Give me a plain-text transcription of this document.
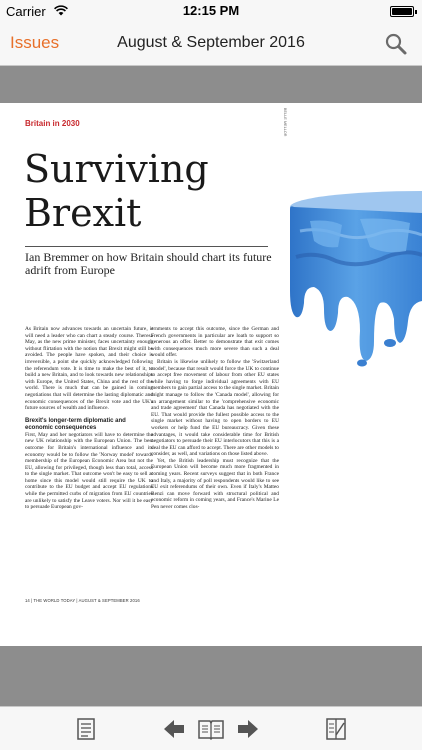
Carrier	12:15 PM
Issues	August & September 2016
Britain in 2030
Surviving
Brexit
Ian Bremmer on how Britain should chart its future adrift from Europe
BELLE MELLOR

As Britain now advances towards an uncertain future, it will need a leader who can chart a steady course. Theresa May, as the new prime minister, faces uncertainty enough without flirtation with the notion that Brexit might still be avoided. The people have spoken, and their choice is irreversible, a point she quickly acknowledged following the referendum vote. It is time to make the best of it, to build a new Britain, and to look towards new relationships with Europe, the United States, China and the rest of the world. There is much that can be gained in coming negotiations that will determine the lasting diplomatic and economic consequences of the Brexit vote and the UK's future sources of wealth and influence.

Brexit's longer-term diplomatic and economic consequences

First, May and her negotiators will have to determine the new UK relationship with the European Union. The best outcome for Britain's international influence and its economy would be to follow the 'Norway model' towards membership of the European Economic Area but not the EU, allowing for privileged, though less than total, access to the single market. That outcome won't be easy to sell at home since this model would still require the UK to contribute to the EU budget and accept EU regulations while the permitted curbs of migration from EU countries are unlikely to satisfy the Leave voters. Nor will it be easy to persuade European gov-

ernments to accept this outcome, since the German and French governments in particular are loath to support so generous an offer. Better to demonstrate that exit comes with consequences much more severe than such a deal would offer.

Britain is likewise unlikely to follow the 'Switzerland model', because that result would force the UK to continue to accept free movement of labour from other EU states while having to forge individual agreements with EU members to gain partial access to the single market. Britain might manage to follow the 'Canada model', allowing for an arrangement similar to the 'comprehensive economic and trade agreement' that Canada has negotiated with the EU. That would provide the fullest possible access to the single market without having to open borders to EU workers or help fund the EU bureaucracy. Given these advantages, it would take considerable time for British negotiators to persuade their EU interlocutors that this is a deal the EU can afford to accept. There are other models to consider, as well, and variations on those listed above.

Yet, the British leadership must recognize that the European Union will become much more fragmented in coming years. Recent surveys suggest that in both France and Italy, a majority of poll respondents would like to see EU exit referendums of their own. Even if Italy's Matteo Renzi can move forward with structural political and economic reform in coming years, and France's Marine Le Pen never comes clos-

14 | THE WORLD TODAY | AUGUST & SEPTEMBER 2016
